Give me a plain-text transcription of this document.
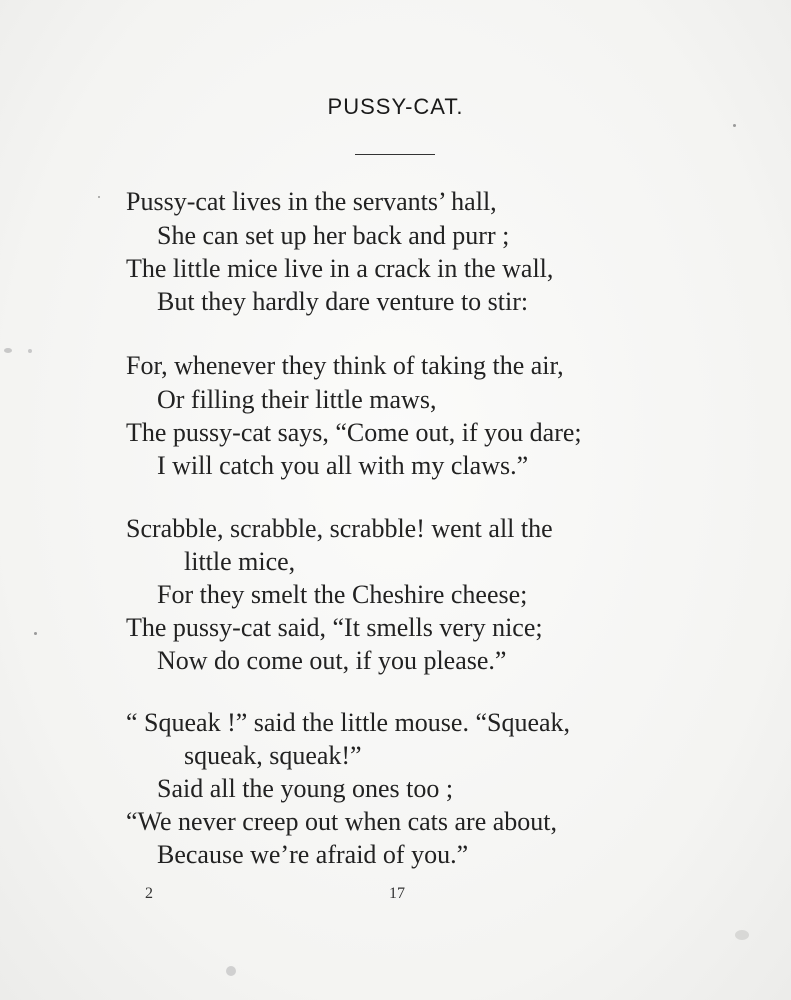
PUSSY-CAT.
Pussy-cat lives in the servants’ hall,
She can set up her back and purr ;
The little mice live in a crack in the wall,
But they hardly dare venture to stir:
For, whenever they think of taking the air,
Or filling their little maws,
The pussy-cat says, “Come out, if you dare;
I will catch you all with my claws.”
Scrabble, scrabble, scrabble! went all the
little mice,
For they smelt the Cheshire cheese;
The pussy-cat said, “It smells very nice;
Now do come out, if you please.”
“ Squeak !” said the little mouse. “Squeak,
squeak, squeak!”
Said all the young ones too ;
“We never creep out when cats are about,
Because we’re afraid of you.”
2	17
